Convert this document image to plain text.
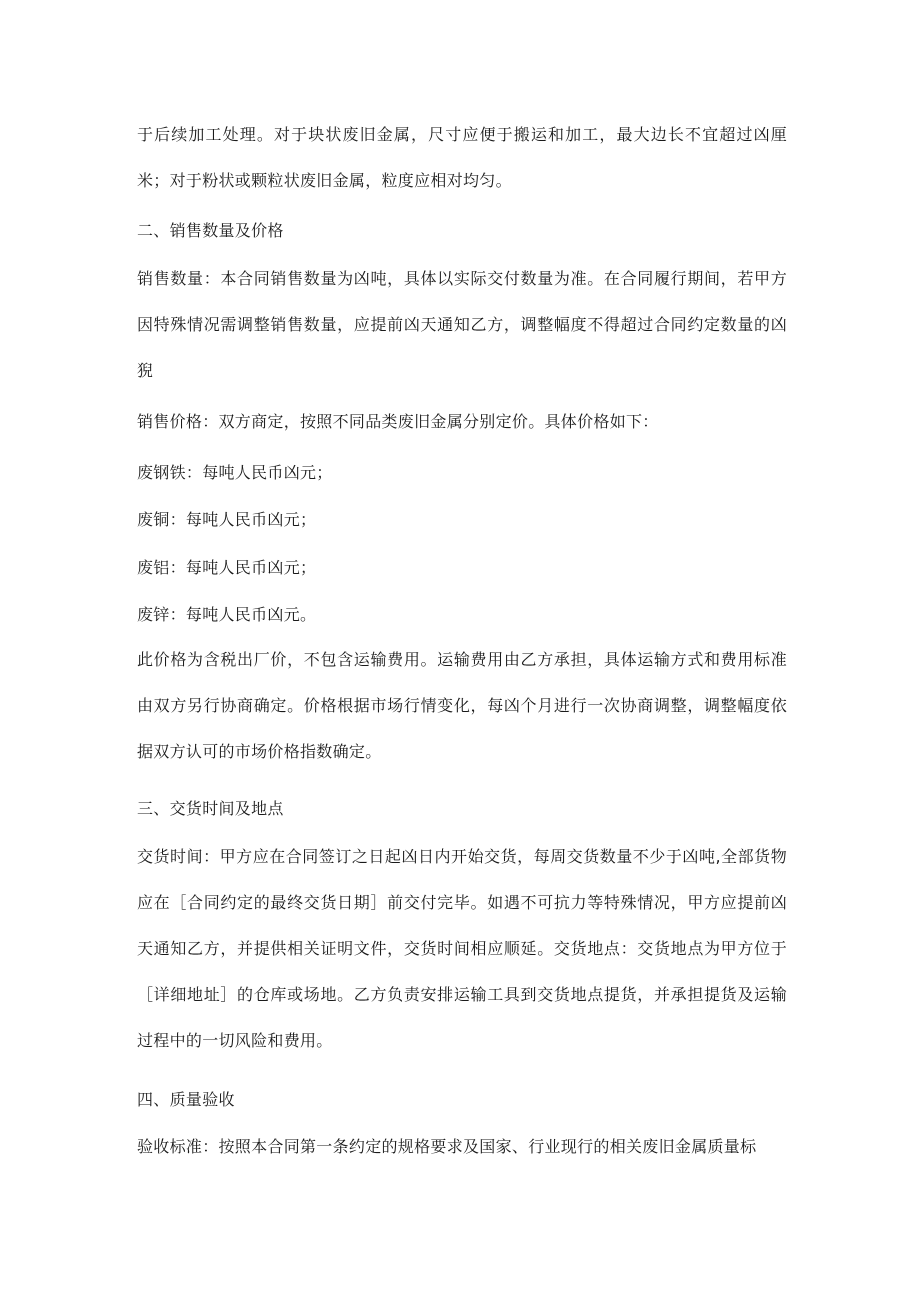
于后续加工处理。对于块状废旧金属，尺寸应便于搬运和加工，最大边长不宜超过凶厘米；对于粉状或颗粒状废旧金属，粒度应相对均匀。

二、销售数量及价格

销售数量：本合同销售数量为凶吨，具体以实际交付数量为准。在合同履行期间，若甲方因特殊情况需调整销售数量，应提前凶天通知乙方，调整幅度不得超过合同约定数量的凶猊

销售价格：双方商定，按照不同品类废旧金属分别定价。具体价格如下：

废钢铁：每吨人民币凶元；

废铜：每吨人民币凶元；

废铝：每吨人民币凶元；

废锌：每吨人民币凶元。

此价格为含税出厂价，不包含运输费用。运输费用由乙方承担，具体运输方式和费用标准由双方另行协商确定。价格根据市场行情变化，每凶个月进行一次协商调整，调整幅度依据双方认可的市场价格指数确定。

三、交货时间及地点

交货时间：甲方应在合同签订之日起凶日内开始交货，每周交货数量不少于凶吨,全部货物应在［合同约定的最终交货日期］前交付完毕。如遇不可抗力等特殊情况，甲方应提前凶天通知乙方，并提供相关证明文件，交货时间相应顺延。交货地点：交货地点为甲方位于［详细地址］的仓库或场地。乙方负责安排运输工具到交货地点提货，并承担提货及运输过程中的一切风险和费用。

四、质量验收

验收标准：按照本合同第一条约定的规格要求及国家、行业现行的相关废旧金属质量标
